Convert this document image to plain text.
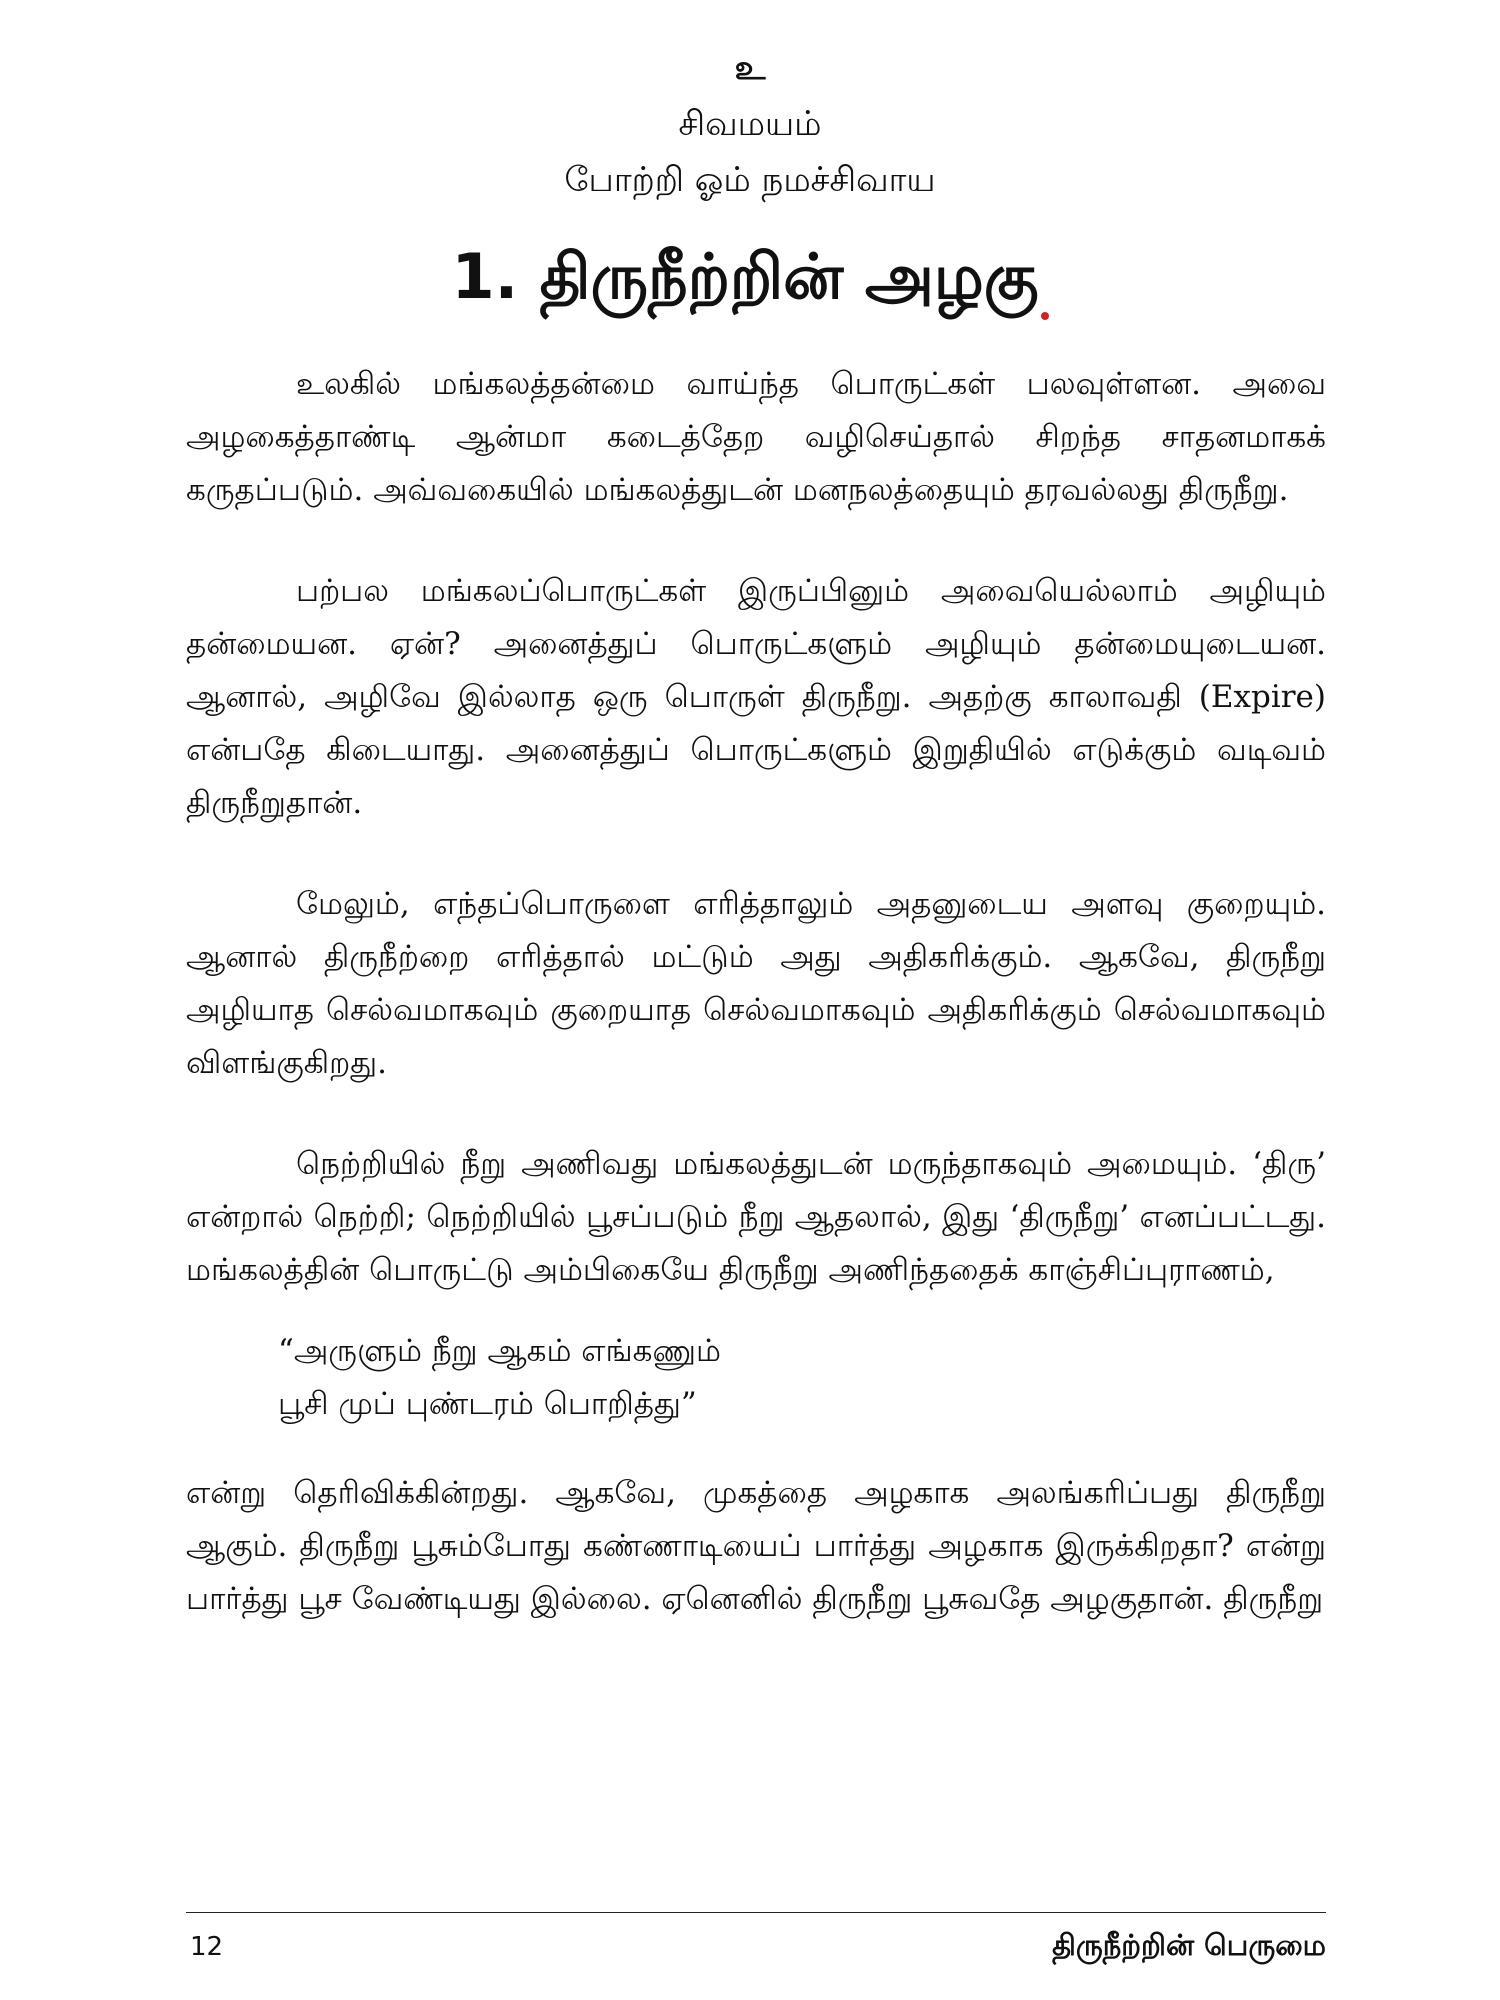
உ
சிவமயம்
போற்றி ஓம் நமச்சிவாய
1. திருநீற்றின் அழகு

உலகில் மங்கலத்தன்மை வாய்ந்த பொருட்கள் பலவுள்ளன. அவை அழகைத்தாண்டி ஆன்மா கடைத்தேற வழிசெய்தால் சிறந்த சாதனமாகக் கருதப்படும். அவ்வகையில் மங்கலத்துடன் மனநலத்தையும் தரவல்லது திருநீறு.

பற்பல மங்கலப்பொருட்கள் இருப்பினும் அவையெல்லாம் அழியும் தன்மையன. ஏன்? அனைத்துப் பொருட்களும் அழியும் தன்மையுடையன. ஆனால், அழிவே இல்லாத ஒரு பொருள் திருநீறு. அதற்கு காலாவதி (Expire) என்பதே கிடையாது. அனைத்துப் பொருட்களும் இறுதியில் எடுக்கும் வடிவம் திருநீறுதான்.

மேலும், எந்தப்பொருளை எரித்தாலும் அதனுடைய அளவு குறையும். ஆனால் திருநீற்றை எரித்தால் மட்டும் அது அதிகரிக்கும். ஆகவே, திருநீறு அழியாத செல்வமாகவும் குறையாத செல்வமாகவும் அதிகரிக்கும் செல்வமாகவும் விளங்குகிறது.

நெற்றியில் நீறு அணிவது மங்கலத்துடன் மருந்தாகவும் அமையும். ‘திரு’ என்றால் நெற்றி; நெற்றியில் பூசப்படும் நீறு ஆதலால், இது ‘திருநீறு’ எனப்பட்டது. மங்கலத்தின் பொருட்டு அம்பிகையே திருநீறு அணிந்ததைக் காஞ்சிப்புராணம்,

“அருளும் நீறு ஆகம் எங்கணும்
பூசி முப் புண்டரம் பொறித்து”

என்று தெரிவிக்கின்றது. ஆகவே, முகத்தை அழகாக அலங்கரிப்பது திருநீறு ஆகும். திருநீறு பூசும்போது கண்ணாடியைப் பார்த்து அழகாக இருக்கிறதா? என்று பார்த்து பூச வேண்டியது இல்லை. ஏனெனில் திருநீறு பூசுவதே அழகுதான். திருநீறு

12	திருநீற்றின் பெருமை
